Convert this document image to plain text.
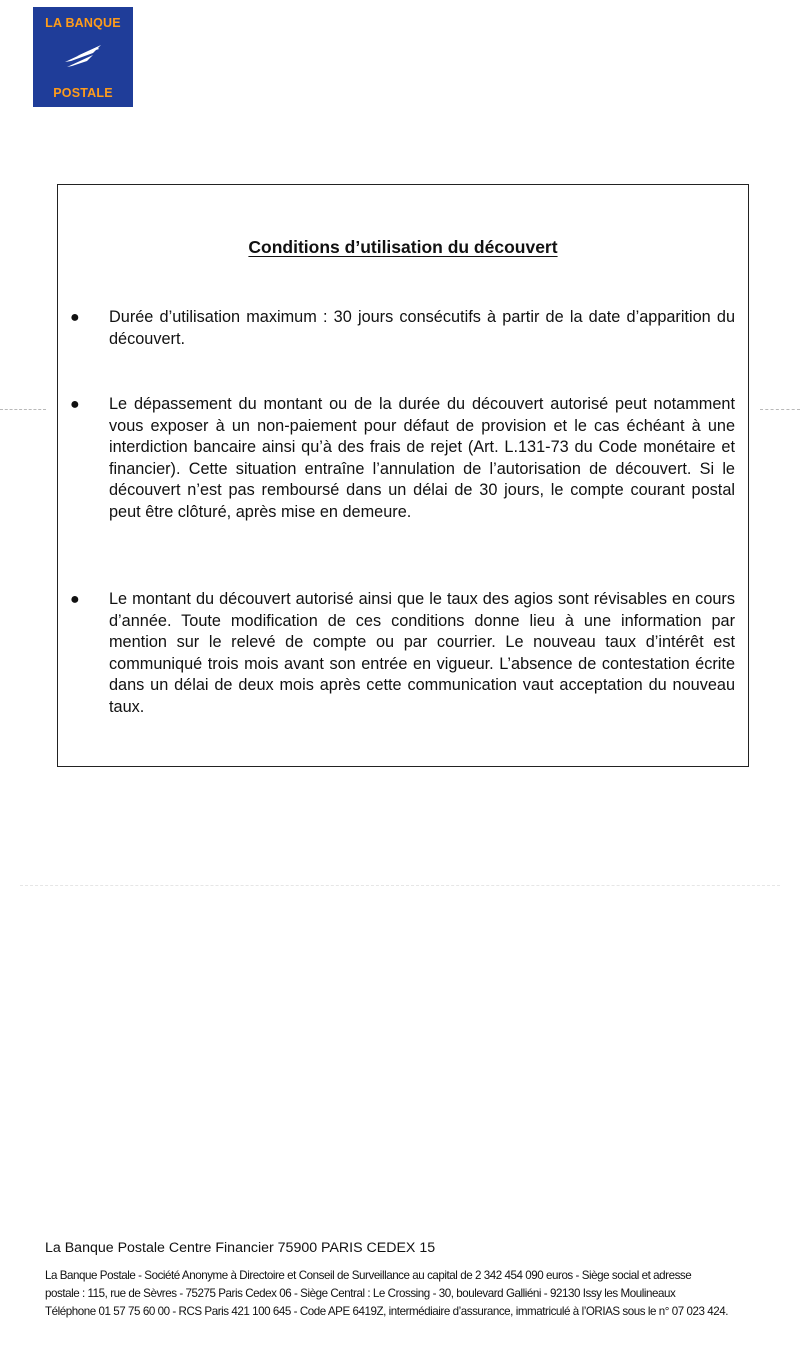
LA BANQUE
POSTALE
Conditions d’utilisation du découvert
● Durée d’utilisation maximum : 30 jours consécutifs à partir de la date d’apparition du découvert.
● Le dépassement du montant ou de la durée du découvert autorisé peut notamment vous exposer à un non-paiement pour défaut de provision et le cas échéant à une interdiction bancaire ainsi qu’à des frais de rejet (Art. L.131-73 du Code monétaire et financier). Cette situation entraîne l’annulation de l’autorisation de découvert. Si le découvert n’est pas remboursé dans un délai de 30 jours, le compte courant postal peut être clôturé, après mise en demeure.
● Le montant du découvert autorisé ainsi que le taux des agios sont révisables en cours d’année. Toute modification de ces conditions donne lieu à une information par mention sur le relevé de compte ou par courrier. Le nouveau taux d’intérêt est communiqué trois mois avant son entrée en vigueur. L’absence de contestation écrite dans un délai de deux mois après cette communication vaut acceptation du nouveau taux.
La Banque Postale Centre Financier 75900 PARIS CEDEX 15
La Banque Postale - Société Anonyme à Directoire et Conseil de Surveillance au capital de 2 342 454 090 euros - Siège social et adresse
postale : 115, rue de Sèvres - 75275 Paris Cedex 06 - Siège Central : Le Crossing - 30, boulevard Galliéni - 92130 Issy les Moulineaux
Téléphone 01 57 75 60 00 - RCS Paris 421 100 645 - Code APE 6419Z, intermédiaire d’assurance, immatriculé à l’ORIAS sous le n° 07 023 424.
